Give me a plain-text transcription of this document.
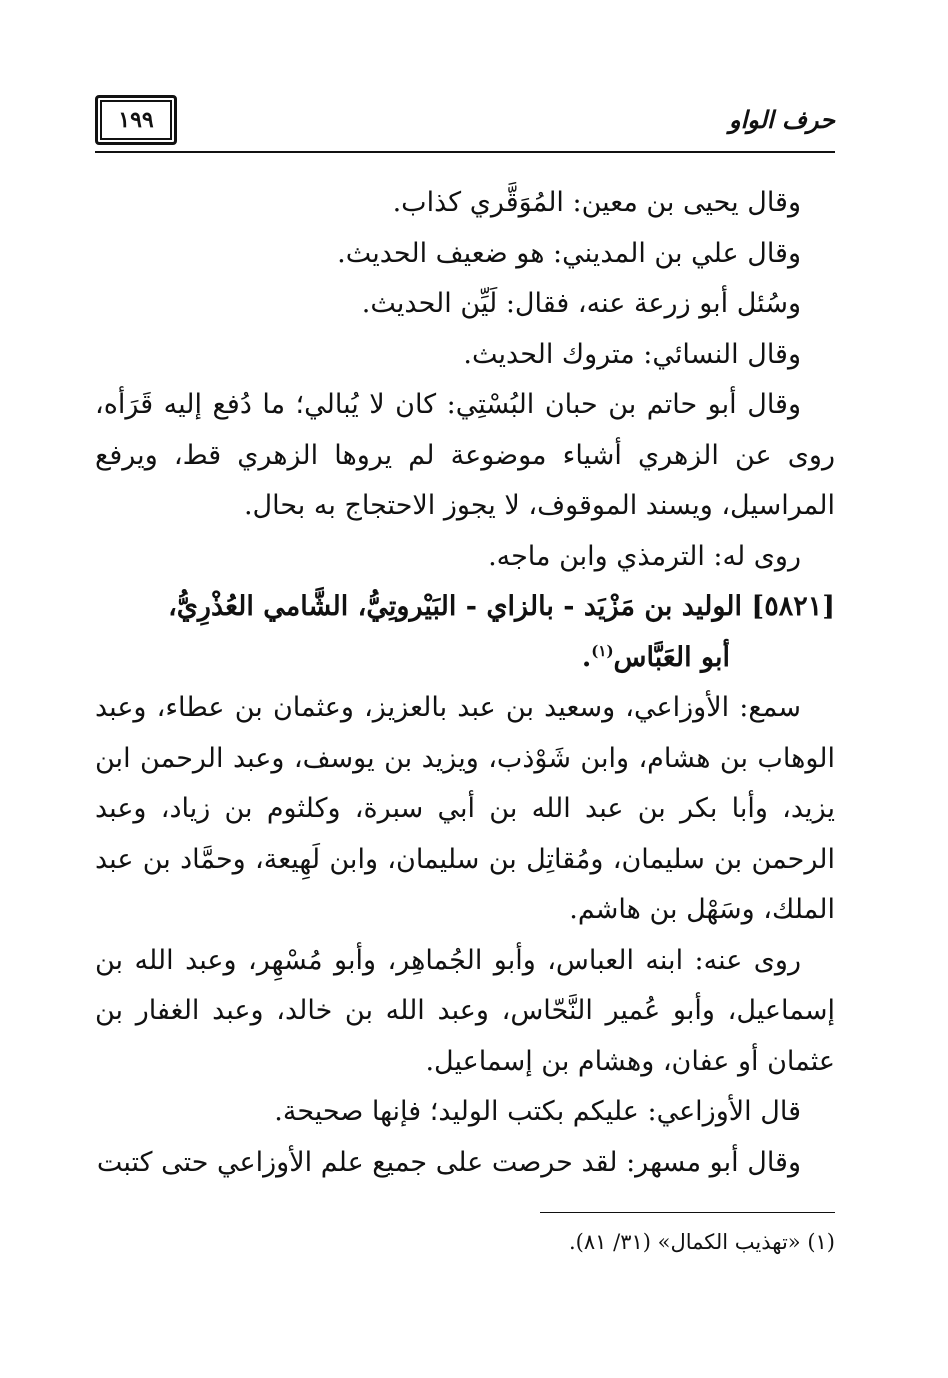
١٩٩	حرف الواو

وقال يحيى بن معين: المُوَقَّري كذاب.

وقال علي بن المديني: هو ضعيف الحديث.

وسُئل أبو زرعة عنه، فقال: لَيِّن الحديث.

وقال النسائي: متروك الحديث.

وقال أبو حاتم بن حبان البُسْتِي: كان لا يُبالي؛ ما دُفع إليه قَرَأه، روى عن الزهري أشياء موضوعة لم يروها الزهري قط، ويرفع المراسيل، ويسند الموقوف، لا يجوز الاحتجاج به بحال.

روى له: الترمذي وابن ماجه.

[٥٨٢١] الوليد بن مَزْيَد - بالزاي - البَيْروتِيُّ، الشَّامي العُذْرِيُّ،
أبو العَبَّاس$^{(١)}$.

سمع: الأوزاعي، وسعيد بن عبد بالعزيز، وعثمان بن عطاء، وعبد الوهاب بن هشام، وابن شَوْذب، ويزيد بن يوسف، وعبد الرحمن ابن يزيد، وأبا بكر بن عبد الله بن أبي سبرة، وكلثوم بن زياد، وعبد الرحمن بن سليمان، ومُقاتِل بن سليمان، وابن لَهِيعة، وحمَّاد بن عبد الملك، وسَهْل بن هاشم.

روى عنه: ابنه العباس، وأبو الجُماهِر، وأبو مُسْهِر، وعبد الله بن إسماعيل، وأبو عُمير النَّحّاس، وعبد الله بن خالد، وعبد الغفار بن عثمان أو عفان، وهشام بن إسماعيل.

قال الأوزاعي: عليكم بكتب الوليد؛ فإنها صحيحة.

وقال أبو مسهر: لقد حرصت على جميع علم الأوزاعي حتى كتبت

(١) «تهذيب الكمال» (٣١/ ٨١).
